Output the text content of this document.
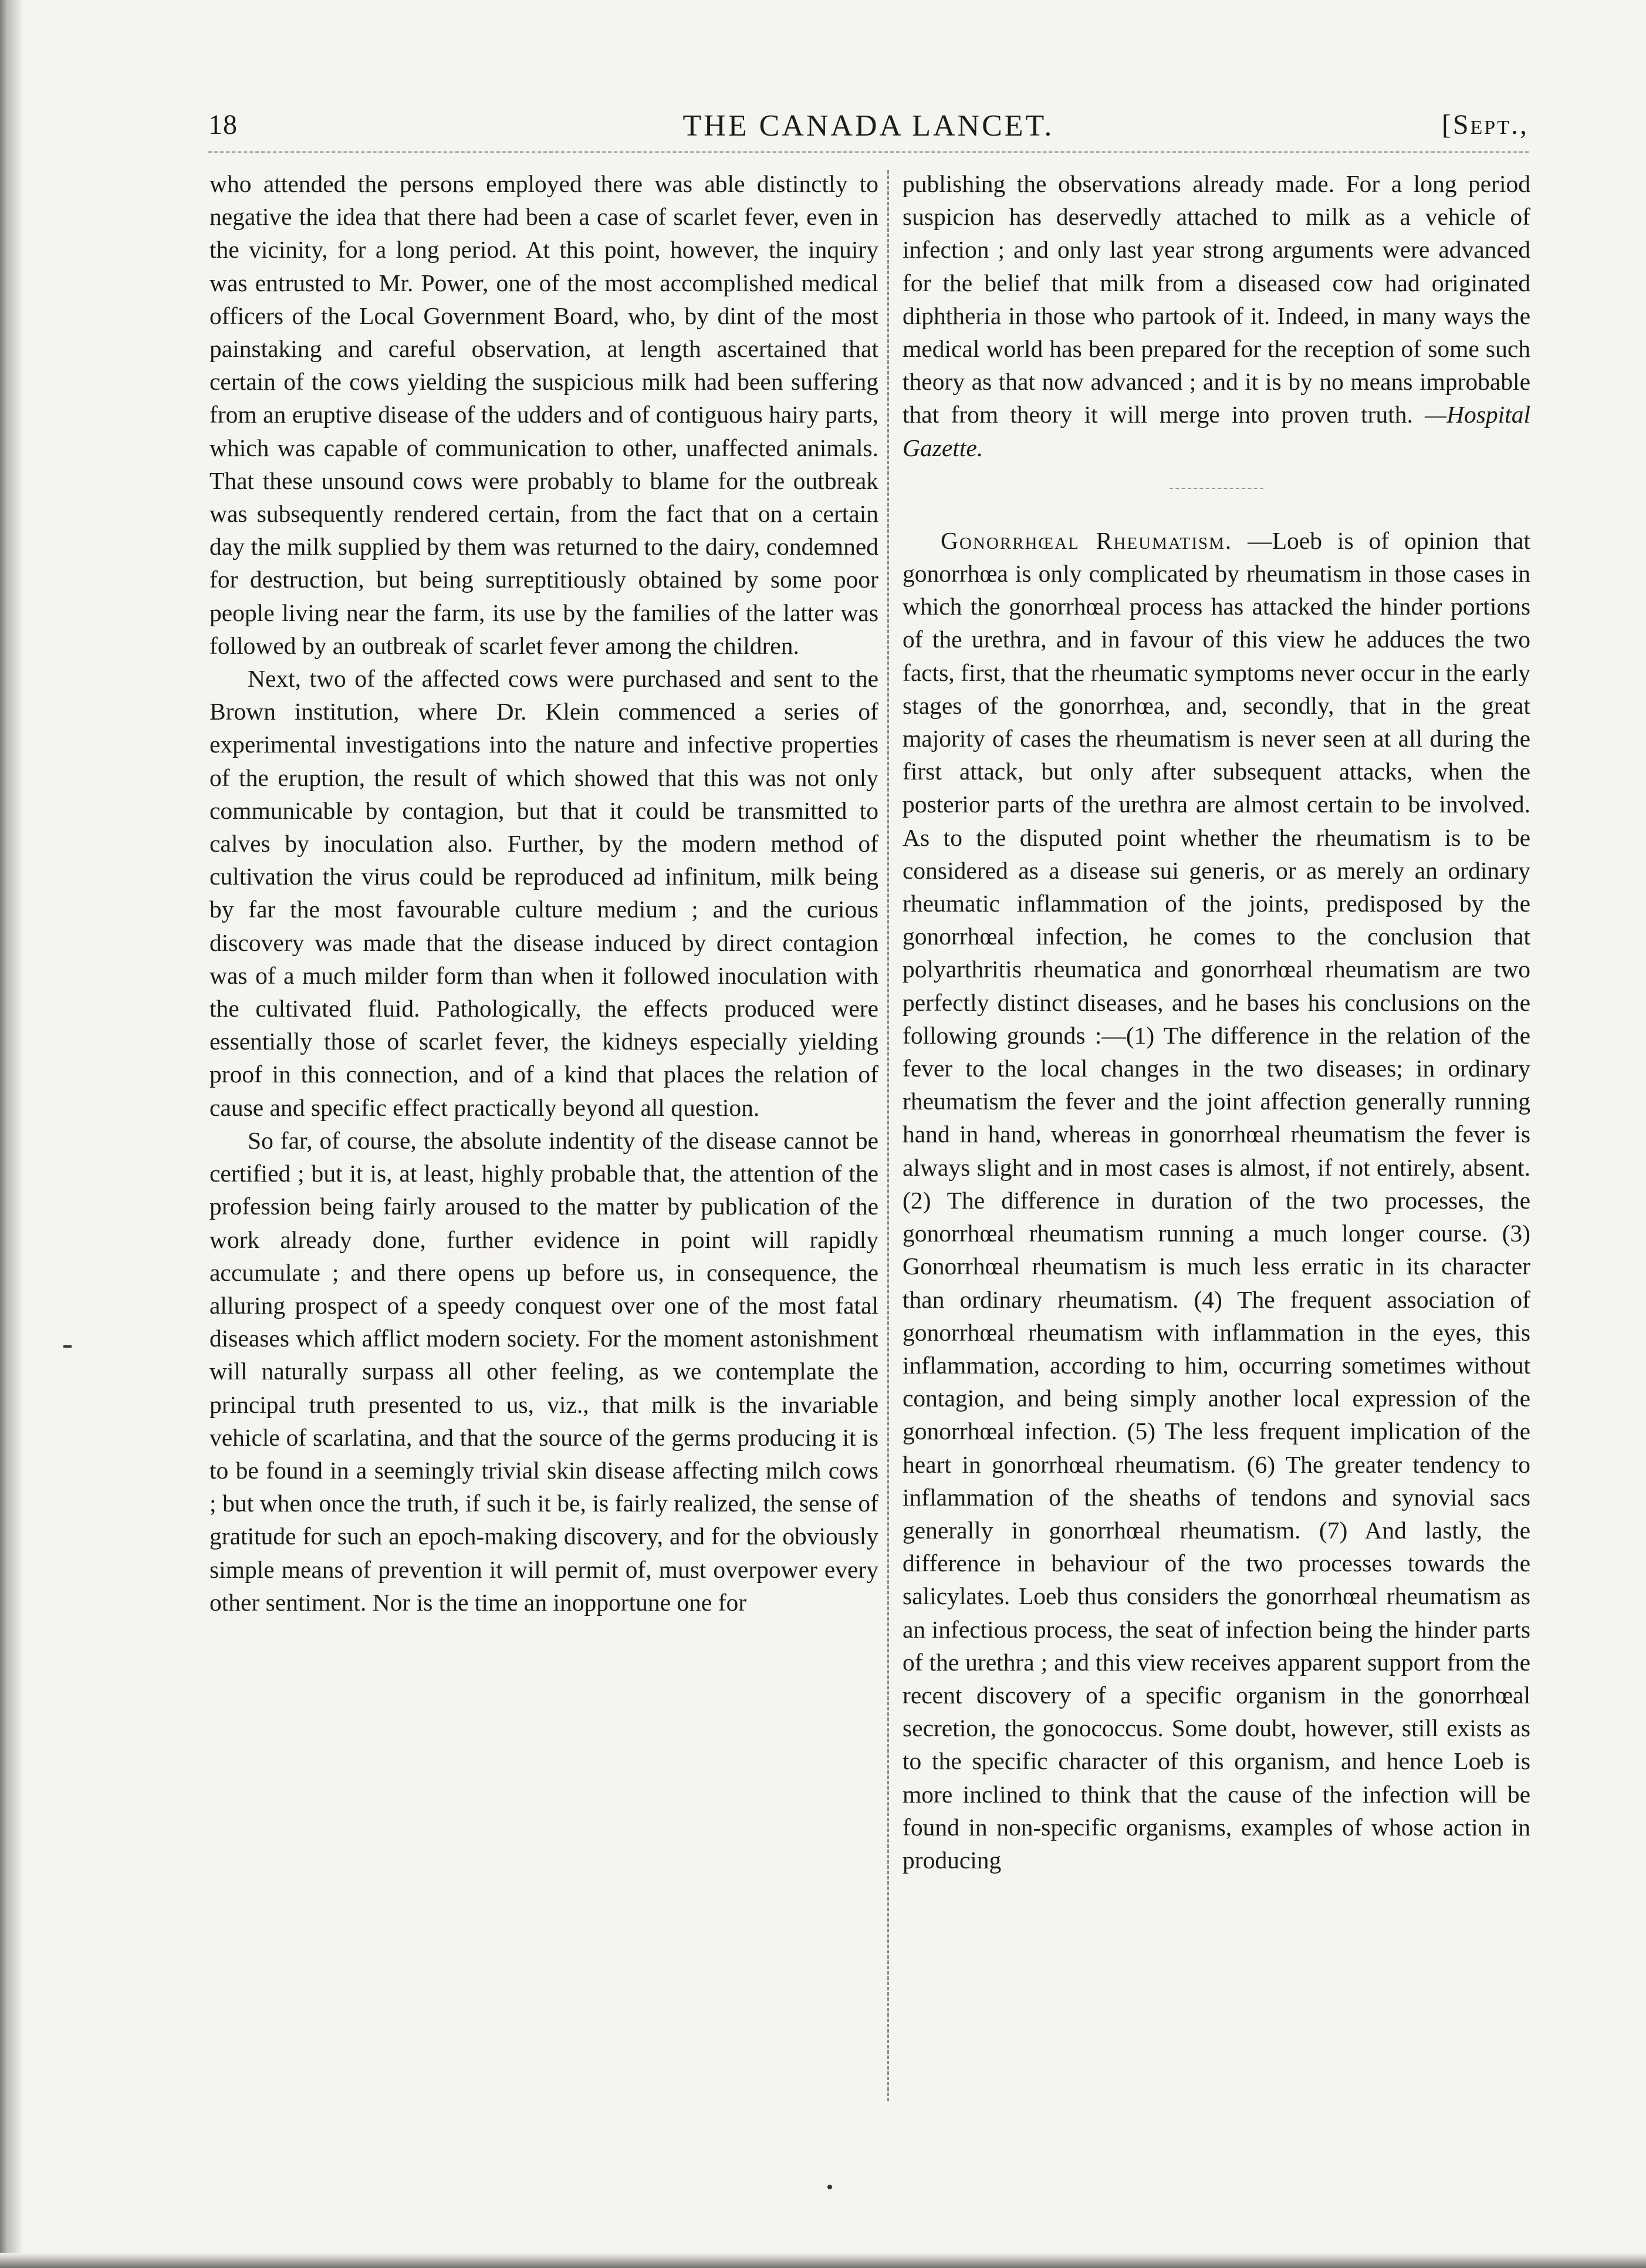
18	THE CANADA LANCET.	[Sept.,

who attended the persons employed there was able distinctly to negative the idea that there had been a case of scarlet fever, even in the vicinity, for a long period. At this point, however, the inquiry was entrusted to Mr. Power, one of the most accomplished medical officers of the Local Government Board, who, by dint of the most painstaking and careful observation, at length ascertained that certain of the cows yielding the suspicious milk had been suffering from an eruptive disease of the udders and of contiguous hairy parts, which was capable of communication to other, unaffected animals. That these unsound cows were probably to blame for the outbreak was subsequently rendered certain, from the fact that on a certain day the milk supplied by them was returned to the dairy, condemned for destruction, but being surreptitiously obtained by some poor people living near the farm, its use by the families of the latter was followed by an outbreak of scarlet fever among the children.

Next, two of the affected cows were purchased and sent to the Brown institution, where Dr. Klein commenced a series of experimental investigations into the nature and infective properties of the eruption, the result of which showed that this was not only communicable by contagion, but that it could be transmitted to calves by inoculation also. Further, by the modern method of cultivation the virus could be reproduced ad infinitum, milk being by far the most favourable culture medium ; and the curious discovery was made that the disease induced by direct contagion was of a much milder form than when it followed inoculation with the cultivated fluid. Pathologically, the effects produced were essentially those of scarlet fever, the kidneys especially yielding proof in this connection, and of a kind that places the relation of cause and specific effect practically beyond all question.

So far, of course, the absolute indentity of the disease cannot be certified ; but it is, at least, highly probable that, the attention of the profession being fairly aroused to the matter by publication of the work already done, further evidence in point will rapidly accumulate ; and there opens up before us, in consequence, the alluring prospect of a speedy conquest over one of the most fatal diseases which afflict modern society. For the moment astonishment will naturally surpass all other feeling, as we contemplate the principal truth presented to us, viz., that milk is the invariable vehicle of scarlatina, and that the source of the germs producing it is to be found in a seemingly trivial skin disease affecting milch cows ; but when once the truth, if such it be, is fairly realized, the sense of gratitude for such an epoch-making discovery, and for the obviously simple means of prevention it will permit of, must overpower every other sentiment. Nor is the time an inopportune one for

publishing the observations already made. For a long period suspicion has deservedly attached to milk as a vehicle of infection ; and only last year strong arguments were advanced for the belief that milk from a diseased cow had originated diphtheria in those who partook of it. Indeed, in many ways the medical world has been prepared for the reception of some such theory as that now advanced ; and it is by no means improbable that from theory it will merge into proven truth. —Hospital Gazette.

Gonorrhœal Rheumatism. —Loeb is of opinion that gonorrhœa is only complicated by rheumatism in those cases in which the gonorrhœal process has attacked the hinder portions of the urethra, and in favour of this view he adduces the two facts, first, that the rheumatic symptoms never occur in the early stages of the gonorrhœa, and, secondly, that in the great majority of cases the rheumatism is never seen at all during the first attack, but only after subsequent attacks, when the posterior parts of the urethra are almost certain to be involved. As to the disputed point whether the rheumatism is to be considered as a disease sui generis, or as merely an ordinary rheumatic inflammation of the joints, predisposed by the gonorrhœal infection, he comes to the conclusion that polyarthritis rheumatica and gonorrhœal rheumatism are two perfectly distinct diseases, and he bases his conclusions on the following grounds :—(1) The difference in the relation of the fever to the local changes in the two diseases; in ordinary rheumatism the fever and the joint affection generally running hand in hand, whereas in gonorrhœal rheumatism the fever is always slight and in most cases is almost, if not entirely, absent. (2) The difference in duration of the two processes, the gonorrhœal rheumatism running a much longer course. (3) Gonorrhœal rheumatism is much less erratic in its character than ordinary rheumatism. (4) The frequent association of gonorrhœal rheumatism with inflammation in the eyes, this inflammation, according to him, occurring sometimes without contagion, and being simply another local expression of the gonorrhœal infection. (5) The less frequent implication of the heart in gonorrhœal rheumatism. (6) The greater tendency to inflammation of the sheaths of tendons and synovial sacs generally in gonorrhœal rheumatism. (7) And lastly, the difference in behaviour of the two processes towards the salicylates. Loeb thus considers the gonorrhœal rheumatism as an infectious process, the seat of infection being the hinder parts of the urethra ; and this view receives apparent support from the recent discovery of a specific organism in the gonorrhœal secretion, the gonococcus. Some doubt, however, still exists as to the specific character of this organism, and hence Loeb is more inclined to think that the cause of the infection will be found in non-specific organisms, examples of whose action in producing
